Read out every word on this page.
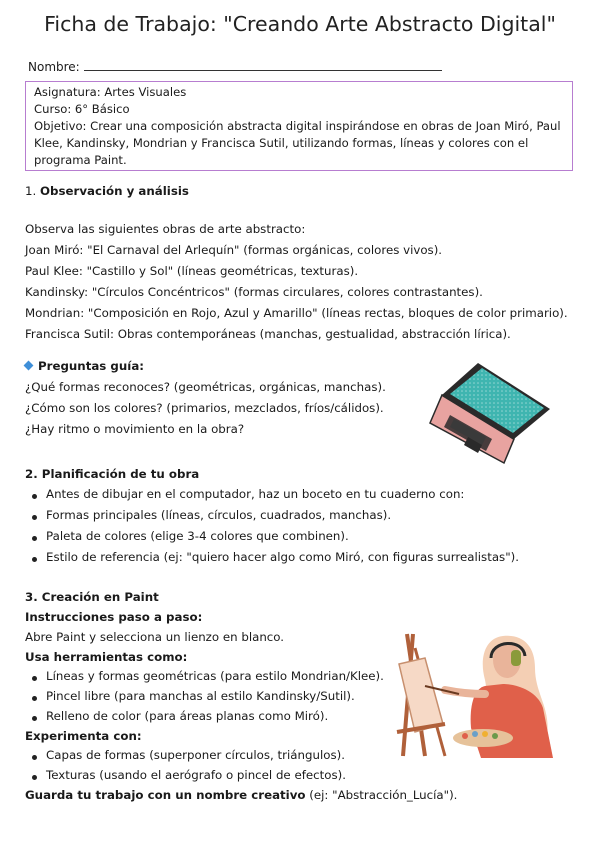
Ficha de Trabajo: "Creando Arte Abstracto Digital"
Nombre:
Asignatura: Artes Visuales
Curso: 6° Básico
Objetivo: Crear una composición abstracta digital inspirándose en obras de Joan Miró, Paul
Klee, Kandinsky, Mondrian y Francisca Sutil, utilizando formas, líneas y colores con el
programa Paint.
1. Observación y análisis
Observa las siguientes obras de arte abstracto:
Joan Miró: "El Carnaval del Arlequín" (formas orgánicas, colores vivos).
Paul Klee: "Castillo y Sol" (líneas geométricas, texturas).
Kandinsky: "Círculos Concéntricos" (formas circulares, colores contrastantes).
Mondrian: "Composición en Rojo, Azul y Amarillo" (líneas rectas, bloques de color primario).
Francisca Sutil: Obras contemporáneas (manchas, gestualidad, abstracción lírica).
Preguntas guía:
¿Qué formas reconoces? (geométricas, orgánicas, manchas).
¿Cómo son los colores? (primarios, mezclados, fríos/cálidos).
¿Hay ritmo o movimiento en la obra?
2. Planificación de tu obra
Antes de dibujar en el computador, haz un boceto en tu cuaderno con:
Formas principales (líneas, círculos, cuadrados, manchas).
Paleta de colores (elige 3-4 colores que combinen).
Estilo de referencia (ej: "quiero hacer algo como Miró, con figuras surrealistas").
3. Creación en Paint
Instrucciones paso a paso:
Abre Paint y selecciona un lienzo en blanco.
Usa herramientas como:
Líneas y formas geométricas (para estilo Mondrian/Klee).
Pincel libre (para manchas al estilo Kandinsky/Sutil).
Relleno de color (para áreas planas como Miró).
Experimenta con:
Capas de formas (superponer círculos, triángulos).
Texturas (usando el aerógrafo o pincel de efectos).
Guarda tu trabajo con un nombre creativo (ej: "Abstracción_Lucía").
